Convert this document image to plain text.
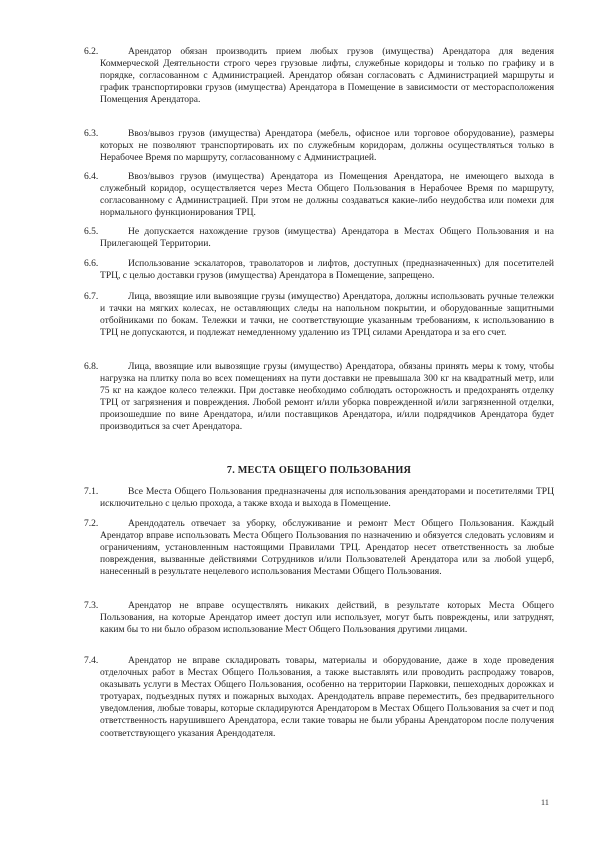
6.2.	Арендатор обязан производить прием любых грузов (имущества) Арендатора для ведения Коммерческой Деятельности строго через грузовые лифты, служебные коридоры и только по графику и в порядке, согласованном с Администрацией. Арендатор обязан согласовать с Администрацией маршруты и график транспортировки грузов (имущества) Арендатора в Помещение в зависимости от месторасположения Помещения Арендатора.
6.3.	Ввоз/вывоз грузов (имущества) Арендатора (мебель, офисное или торговое оборудование), размеры которых не позволяют транспортировать их по служебным коридорам, должны осуществляться только в Нерабочее Время по маршруту, согласованному с Администрацией.
6.4.	Ввоз/вывоз грузов (имущества) Арендатора из Помещения Арендатора, не имеющего выхода в служебный коридор, осуществляется через Места Общего Пользования в Нерабочее Время по маршруту, согласованному с Администрацией. При этом не должны создаваться какие-либо неудобства или помехи для нормального функционирования ТРЦ.
6.5.	Не допускается нахождение грузов (имущества) Арендатора в Местах Общего Пользования и на Прилегающей Территории.
6.6.	Использование эскалаторов, траволаторов и лифтов, доступных (предназначенных) для посетителей ТРЦ, с целью доставки грузов (имущества) Арендатора в Помещение, запрещено.
6.7.	Лица, ввозящие или вывозящие грузы (имущество) Арендатора, должны использовать ручные тележки и тачки на мягких колесах, не оставляющих следы на напольном покрытии, и оборудованные защитными отбойниками по бокам. Тележки и тачки, не соответствующие указанным требованиям, к использованию в ТРЦ не допускаются, и подлежат немедленному удалению из ТРЦ силами Арендатора и за его счет.
6.8.	Лица, ввозящие или вывозящие грузы (имущество) Арендатора, обязаны принять меры к тому, чтобы нагрузка на плитку пола во всех помещениях на пути доставки не превышала 300 кг на квадратный метр, или 75 кг на каждое колесо тележки. При доставке необходимо соблюдать осторожность и предохранять отделку ТРЦ от загрязнения и повреждения. Любой ремонт и/или уборка поврежденной и/или загрязненной отделки, произошедшие по вине Арендатора, и/или поставщиков Арендатора, и/или подрядчиков Арендатора будет производиться за счет Арендатора.
7. МЕСТА ОБЩЕГО ПОЛЬЗОВАНИЯ
7.1.	Все Места Общего Пользования предназначены для использования арендаторами и посетителями ТРЦ исключительно с целью прохода, а также входа и выхода в Помещение.
7.2.	Арендодатель отвечает за уборку, обслуживание и ремонт Мест Общего Пользования. Каждый Арендатор вправе использовать Места Общего Пользования по назначению и обязуется следовать условиям и ограничениям, установленным настоящими Правилами ТРЦ. Арендатор несет ответственность за любые повреждения, вызванные действиями Сотрудников и/или Пользователей Арендатора или за любой ущерб, нанесенный в результате нецелевого использования Местами Общего Пользования.
7.3.	Арендатор не вправе осуществлять никаких действий, в результате которых Места Общего Пользования, на которые Арендатор имеет доступ или использует, могут быть повреждены, или затруднят, каким бы то ни было образом использование Мест Общего Пользования другими лицами.
7.4.	Арендатор не вправе складировать товары, материалы и оборудование, даже в ходе проведения отделочных работ в Местах Общего Пользования, а также выставлять или проводить распродажу товаров, оказывать услуги в Местах Общего Пользования, особенно на территории Парковки, пешеходных дорожках и тротуарах, подъездных путях и пожарных выходах. Арендодатель вправе переместить, без предварительного уведомления, любые товары, которые складируются Арендатором в Местах Общего Пользования за счет и под ответственность нарушившего Арендатора, если такие товары не были убраны Арендатором после получения соответствующего указания Арендодателя.
11
